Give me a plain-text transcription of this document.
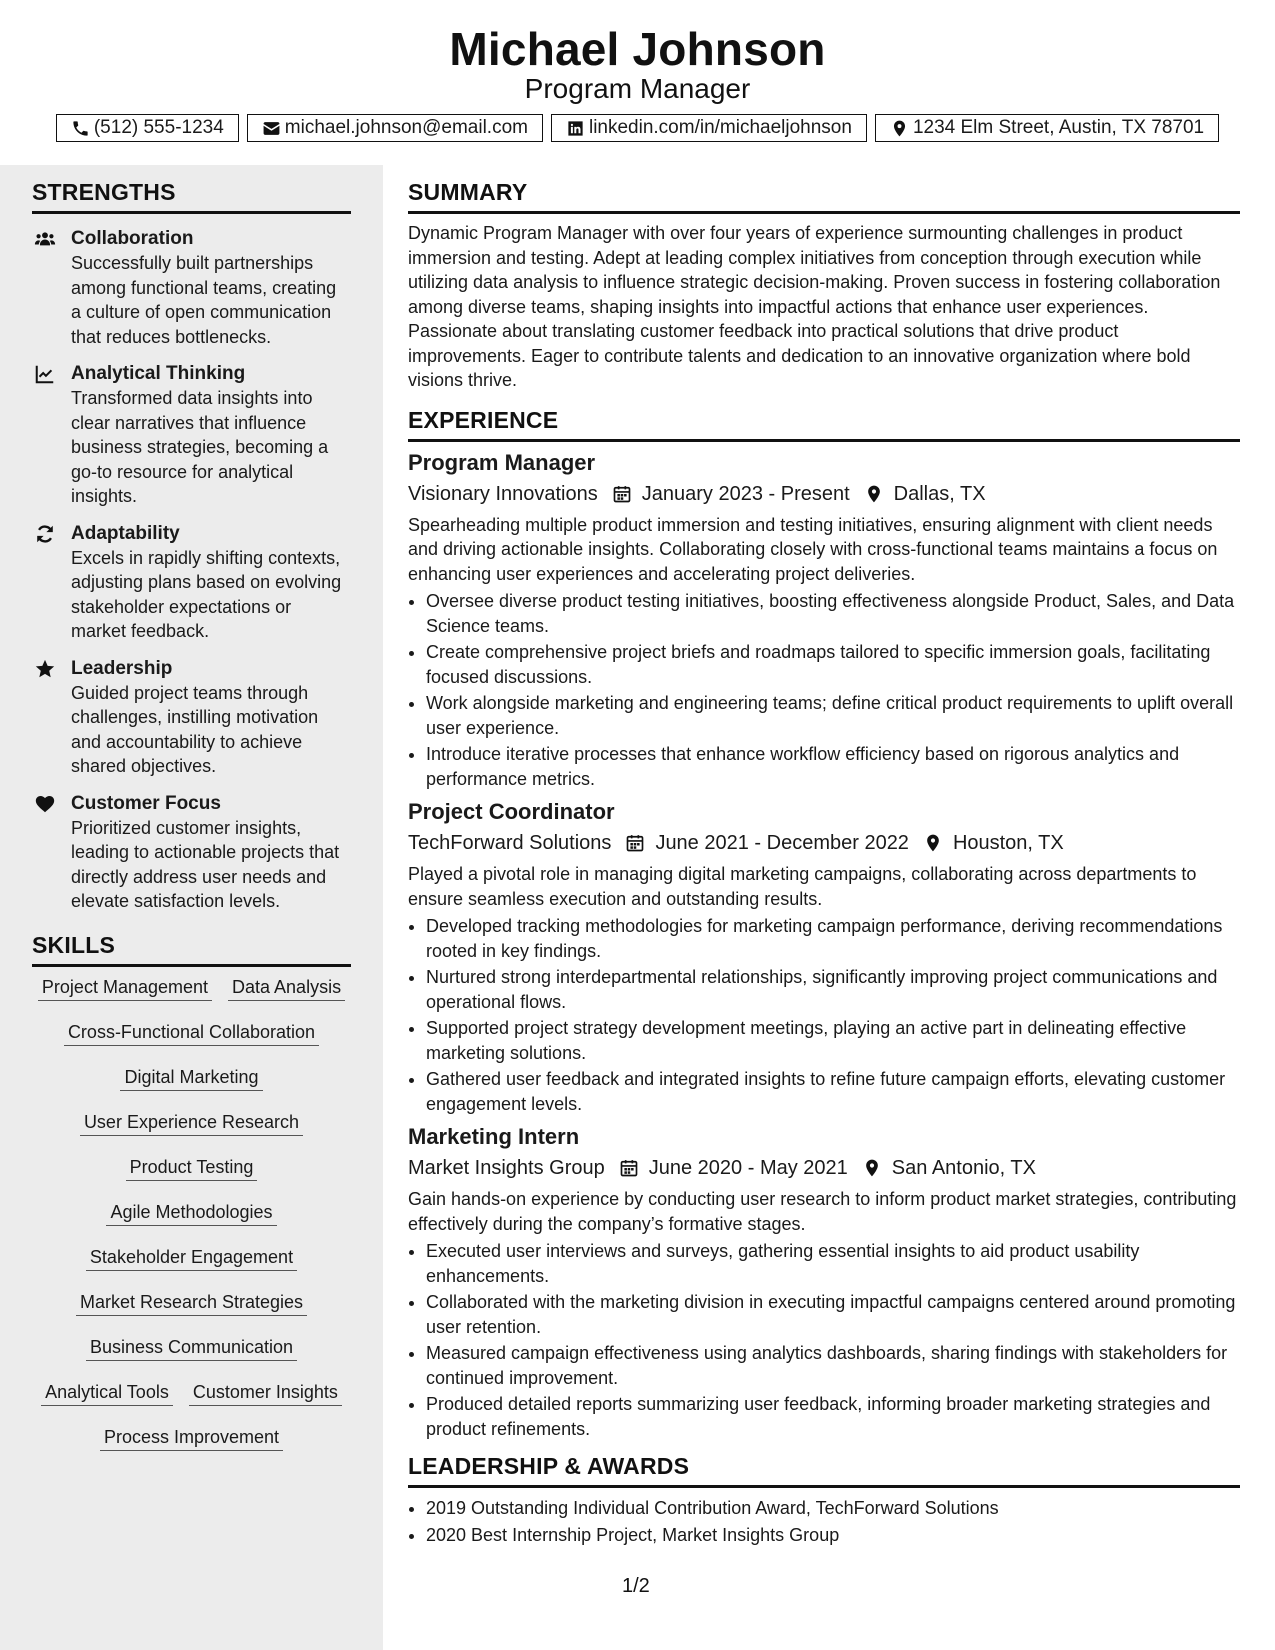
Michael Johnson
Program Manager
(512) 555-1234	michael.johnson@email.com	linkedin.com/in/michaeljohnson	1234 Elm Street, Austin, TX 78701
STRENGTHS
Collaboration
Successfully built partnerships among functional teams, creating a culture of open communication that reduces bottlenecks.
Analytical Thinking
Transformed data insights into clear narratives that influence business strategies, becoming a go-to resource for analytical insights.
Adaptability
Excels in rapidly shifting contexts, adjusting plans based on evolving stakeholder expectations or market feedback.
Leadership
Guided project teams through challenges, instilling motivation and accountability to achieve shared objectives.
Customer Focus
Prioritized customer insights, leading to actionable projects that directly address user needs and elevate satisfaction levels.
SKILLS
Project Management Data Analysis
Cross-Functional Collaboration
Digital Marketing
User Experience Research
Product Testing
Agile Methodologies
Stakeholder Engagement
Market Research Strategies
Business Communication
Analytical Tools Customer Insights
Process Improvement
SUMMARY
Dynamic Program Manager with over four years of experience surmounting challenges in product immersion and testing. Adept at leading complex initiatives from conception through execution while utilizing data analysis to influence strategic decision-making. Proven success in fostering collaboration among diverse teams, shaping insights into impactful actions that enhance user experiences. Passionate about translating customer feedback into practical solutions that drive product improvements. Eager to contribute talents and dedication to an innovative organization where bold visions thrive.
EXPERIENCE
Program Manager
Visionary Innovations January 2023 - Present Dallas, TX
Spearheading multiple product immersion and testing initiatives, ensuring alignment with client needs and driving actionable insights. Collaborating closely with cross-functional teams maintains a focus on enhancing user experiences and accelerating project deliveries.
• Oversee diverse product testing initiatives, boosting effectiveness alongside Product, Sales, and Data Science teams.
• Create comprehensive project briefs and roadmaps tailored to specific immersion goals, facilitating focused discussions.
• Work alongside marketing and engineering teams; define critical product requirements to uplift overall user experience.
• Introduce iterative processes that enhance workflow efficiency based on rigorous analytics and performance metrics.
Project Coordinator
TechForward Solutions June 2021 - December 2022 Houston, TX
Played a pivotal role in managing digital marketing campaigns, collaborating across departments to ensure seamless execution and outstanding results.
• Developed tracking methodologies for marketing campaign performance, deriving recommendations rooted in key findings.
• Nurtured strong interdepartmental relationships, significantly improving project communications and operational flows.
• Supported project strategy development meetings, playing an active part in delineating effective marketing solutions.
• Gathered user feedback and integrated insights to refine future campaign efforts, elevating customer engagement levels.
Marketing Intern
Market Insights Group June 2020 - May 2021 San Antonio, TX
Gain hands-on experience by conducting user research to inform product market strategies, contributing effectively during the company’s formative stages.
• Executed user interviews and surveys, gathering essential insights to aid product usability enhancements.
• Collaborated with the marketing division in executing impactful campaigns centered around promoting user retention.
• Measured campaign effectiveness using analytics dashboards, sharing findings with stakeholders for continued improvement.
• Produced detailed reports summarizing user feedback, informing broader marketing strategies and product refinements.
LEADERSHIP & AWARDS
• 2019 Outstanding Individual Contribution Award, TechForward Solutions
• 2020 Best Internship Project, Market Insights Group
1/2
